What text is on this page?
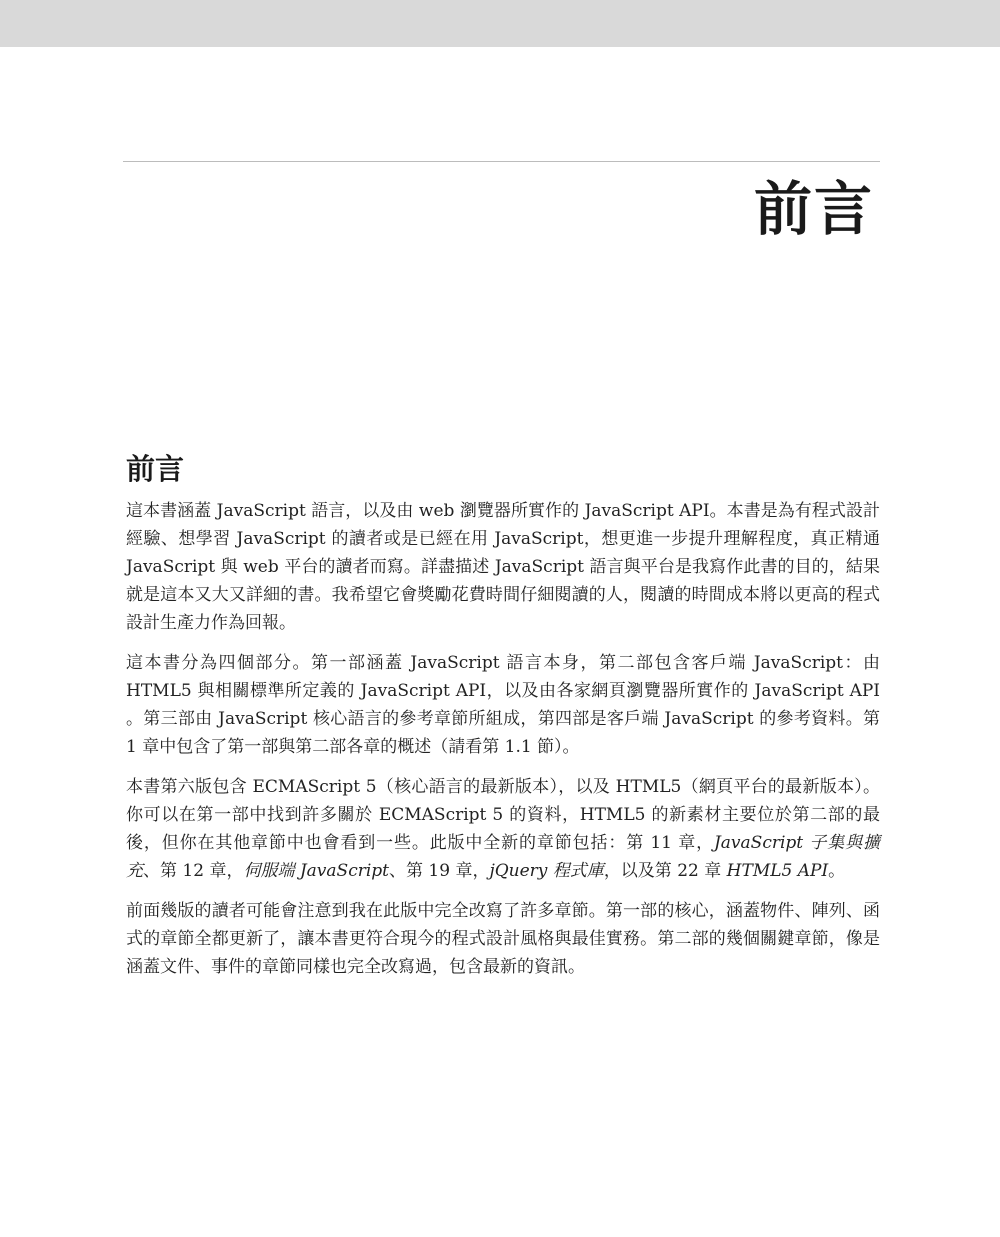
前言
前言

這本書涵蓋 JavaScript 語言，以及由 web 瀏覽器所實作的 JavaScript API。本書是為有程式設計經驗、想學習 JavaScript 的讀者或是已經在用 JavaScript，想更進一步提升理解程度，真正精通 JavaScript 與 web 平台的讀者而寫。詳盡描述 JavaScript 語言與平台是我寫作此書的目的，結果就是這本又大又詳細的書。我希望它會獎勵花費時間仔細閱讀的人，閱讀的時間成本將以更高的程式設計生產力作為回報。

這本書分為四個部分。第一部涵蓋 JavaScript 語言本身，第二部包含客戶端 JavaScript：由 HTML5 與相關標準所定義的 JavaScript API，以及由各家網頁瀏覽器所實作的 JavaScript API 。第三部由 JavaScript 核心語言的參考章節所組成，第四部是客戶端 JavaScript 的參考資料。第 1 章中包含了第一部與第二部各章的概述（請看第 1.1 節）。

本書第六版包含 ECMAScript 5（核心語言的最新版本），以及 HTML5（網頁平台的最新版本）。你可以在第一部中找到許多關於 ECMAScript 5 的資料，HTML5 的新素材主要位於第二部的最後，但你在其他章節中也會看到一些。此版中全新的章節包括：第 11 章，JavaScript 子集與擴充、第 12 章，伺服端 JavaScript、第 19 章，jQuery 程式庫，以及第 22 章 HTML5 API。

前面幾版的讀者可能會注意到我在此版中完全改寫了許多章節。第一部的核心，涵蓋物件、陣列、函式的章節全都更新了，讓本書更符合現今的程式設計風格與最佳實務。第二部的幾個關鍵章節，像是涵蓋文件、事件的章節同樣也完全改寫過，包含最新的資訊。
